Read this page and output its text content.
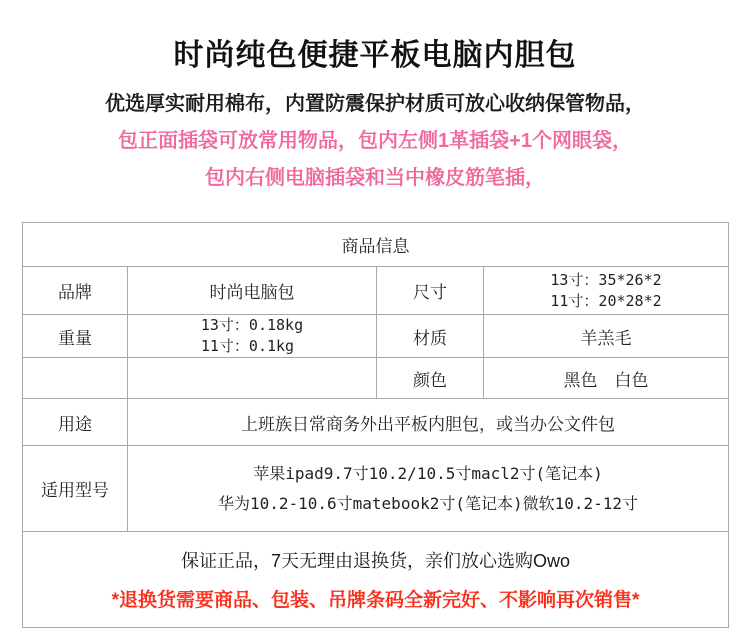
时尚纯色便捷平板电脑内胆包

优选厚实耐用棉布，内置防震保护材质可放心收纳保管物品，

包正面插袋可放常用物品，包内左侧1革插袋+1个网眼袋，

包内右侧电脑插袋和当中橡皮筋笔插，

商品信息			
品牌	时尚电脑包	尺寸	13寸：35*26*2
11寸：20*28*2

重量	13寸：0.18kg
11寸：0.1kg	材质	羊羔毛
		颜色	黑色　白色
用途	上班族日常商务外出平板内胆包，或当办公文件包		
适用型号	苹果ipad9.7寸10.2/10.5寸macl2寸(笔记本)
华为10.2-10.6寸matebook2寸(笔记本)微软10.2-12寸		

保证正品，7天无理由退换货，亲们放心选购Owo

*退换货需要商品、包装、吊牌条码全新完好、不影响再次销售*			
